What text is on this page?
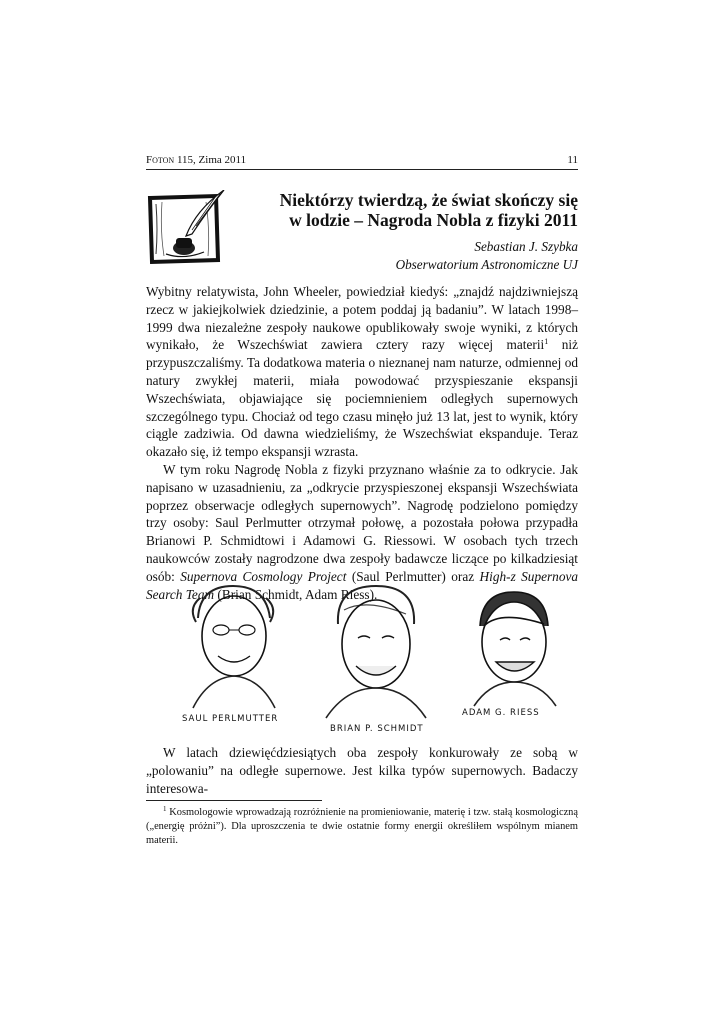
Foton 115, Zima 2011	11

Niektórzy twierdzą, że świat skończy się
w lodzie – Nagroda Nobla z fizyki 2011

Sebastian J. Szybka
Obserwatorium Astronomiczne UJ

Wybitny relatywista, John Wheeler, powiedział kiedyś: „znajdź najdziwniejszą rzecz w jakiejkolwiek dziedzinie, a potem poddaj ją badaniu”. W latach 1998–1999 dwa niezależne zespoły naukowe opublikowały swoje wyniki, z których wynikało, że Wszechświat zawiera cztery razy więcej materii$^1$ niż przypuszczaliśmy. Ta dodatkowa materia o nieznanej nam naturze, odmiennej od natury zwykłej materii, miała powodować przyspieszanie ekspansji Wszechświata, objawiające się pociemnieniem odległych supernowych szczególnego typu. Chociaż od tego czasu minęło już 13 lat, jest to wynik, który ciągle zadziwia. Od dawna wiedzieliśmy, że Wszechświat ekspanduje. Teraz okazało się, iż tempo ekspansji wzrasta.

W tym roku Nagrodę Nobla z fizyki przyznano właśnie za to odkrycie. Jak napisano w uzasadnieniu, za „odkrycie przyspieszonej ekspansji Wszechświata poprzez obserwacje odległych supernowych”. Nagrodę podzielono pomiędzy trzy osoby: Saul Perlmutter otrzymał połowę, a pozostała połowa przypadła Brianowi P. Schmidtowi i Adamowi G. Riessowi. W osobach tych trzech naukowców zostały nagrodzone dwa zespoły badawcze liczące po kilkadziesiąt osób: Supernova Cosmology Project (Saul Perlmutter) oraz High-z Supernova Search Team (Brian Schmidt, Adam Riess).

SAUL PERLMUTTER
BRIAN P. SCHMIDT
ADAM G. RIESS
W latach dziewięćdziesiątych oba zespoły konkurowały ze sobą w „polowaniu” na odległe supernowe. Jest kilka typów supernowych. Badaczy interesowa-
$^1$ Kosmologowie wprowadzają rozróżnienie na promieniowanie, materię i tzw. stałą kosmologiczną („energię próżni”). Dla uproszczenia te dwie ostatnie formy energii określiłem wspólnym mianem materii.
